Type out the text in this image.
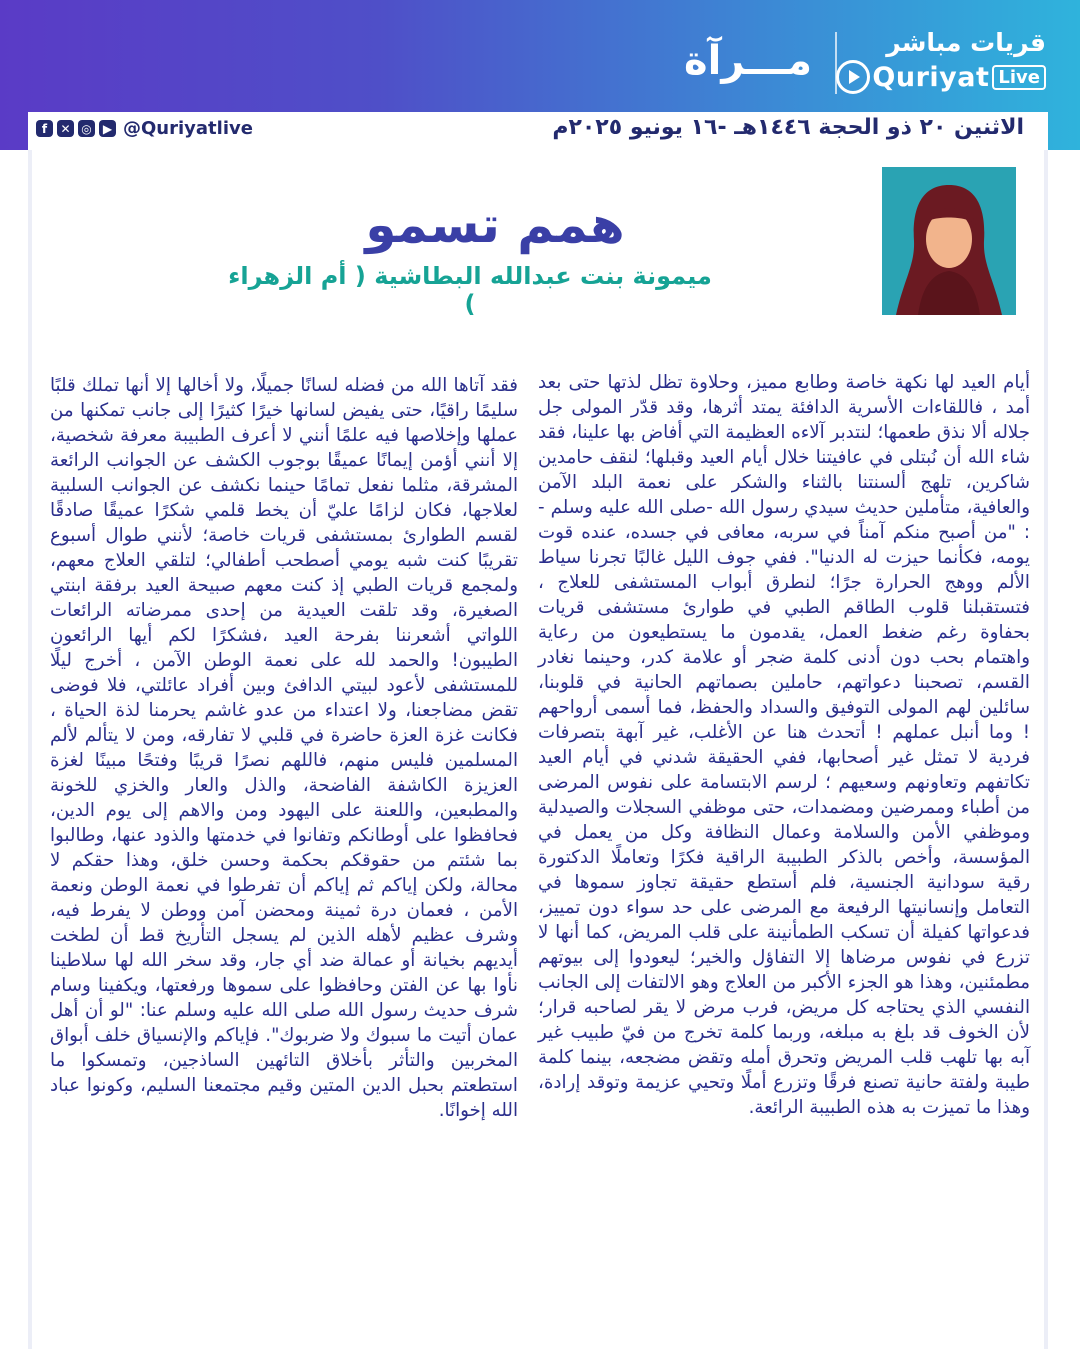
قريات مباشر
Quriyat Live
مـــرآة
الاثنين ٢٠ ذو الحجة ١٤٤٦هـ -١٦ يونيو ٢٠٢٥م
f	✕ ◎ ▶ @Quriyatlive
همم تسمو
ميمونة بنت عبدالله البطاشية ( أم الزهراء )
أيام العيد لها نكهة خاصة وطابع مميز، وحلاوة تظل لذتها حتى بعد أمد ، فاللقاءات الأسرية الدافئة يمتد أثرها، وقد قدّر المولى جل جلاله ألا نذق طعمها؛ لنتدبر آلاءه العظيمة التي أفاض بها علينا، فقد شاء الله أن نُبتلى في عافيتنا خلال أيام العيد وقبلها؛ لنقف حامدين شاكرين، تلهج ألسنتنا بالثناء والشكر على نعمة البلد الآمن والعافية، متأملين حديث سيدي رسول الله -صلى الله عليه وسلم - : "من أصبح منكم آمناً في سربه، معافى في جسده، عنده قوت يومه، فكأنما حيزت له الدنيا". ففي جوف الليل غالبًا تجرنا سياط الألم ووهج الحرارة جرًا؛ لنطرق أبواب المستشفى للعلاج ، فتستقبلنا قلوب الطاقم الطبي في طوارئ مستشفى قريات بحفاوة رغم ضغط العمل، يقدمون ما يستطيعون من رعاية واهتمام بحب دون أدنى كلمة ضجر أو علامة كدر، وحينما نغادر القسم، تصحبنا دعواتهم، حاملين بصماتهم الحانية في قلوبنا، سائلين لهم المولى التوفيق والسداد والحفظ، فما أسمى أرواحهم ! وما أنبل عملهم ! أتحدث هنا عن الأغلب، غير آبهة بتصرفات فردية لا تمثل غير أصحابها، ففي الحقيقة شدني في أيام العيد تكاتفهم وتعاونهم وسعيهم ؛ لرسم الابتسامة على نفوس المرضى من أطباء وممرضين ومضمدات، حتى موظفي السجلات والصيدلية وموظفي الأمن والسلامة وعمال النظافة وكل من يعمل في المؤسسة، وأخص بالذكر الطبيبة الراقية فكرًا وتعاملًا الدكتورة رقية سودانية الجنسية، فلم أستطع حقيقة تجاوز سموها في التعامل وإنسانيتها الرفيعة مع المرضى على حد سواء دون تمييز، فدعواتها كفيلة أن تسكب الطمأنينة على قلب المريض، كما أنها لا تزرع في نفوس مرضاها إلا التفاؤل والخير؛ ليعودوا إلى بيوتهم مطمئنين، وهذا هو الجزء الأكبر من العلاج وهو الالتفات إلى الجانب النفسي الذي يحتاجه كل مريض، فرب مرض لا يقر لصاحبه قرار؛ لأن الخوف قد بلغ به مبلغه، وربما كلمة تخرج من فيّ طبيب غير آبه بها تلهب قلب المريض وتحرق أمله وتقض مضجعه، بينما كلمة طيبة ولفتة حانية تصنع فرقًا وتزرع أملًا وتحيي عزيمة وتوقد إرادة، وهذا ما تميزت به هذه الطبيبة الرائعة.
فقد آتاها الله من فضله لسانًا جميلًا، ولا أخالها إلا أنها تملك قلبًا سليمًا راقيًا، حتى يفيض لسانها خيرًا كثيرًا إلى جانب تمكنها من عملها وإخلاصها فيه علمًا أنني لا أعرف الطبيبة معرفة شخصية، إلا أنني أؤمن إيمانًا عميقًا بوجوب الكشف عن الجوانب الرائعة المشرقة، مثلما نفعل تمامًا حينما نكشف عن الجوانب السلبية لعلاجها، فكان لزامًا عليّ أن يخط قلمي شكرًا عميقًا صادقًا لقسم الطوارئ بمستشفى قريات خاصة؛ لأنني طوال أسبوع تقريبًا كنت شبه يومي أصطحب أطفالي؛ لتلقي العلاج معهم، ولمجمع قريات الطبي إذ كنت معهم صبيحة العيد برفقة ابنتي الصغيرة، وقد تلقت العيدية من إحدى ممرضاته الرائعات اللواتي أشعرننا بفرحة العيد ،فشكرًا لكم أيها الرائعون الطيبون! والحمد لله على نعمة الوطن الآمن ، أخرج ليلًا للمستشفى لأعود لبيتي الدافئ وبين أفراد عائلتي، فلا فوضى تقض مضاجعنا، ولا اعتداء من عدو غاشم يحرمنا لذة الحياة ، فكانت غزة العزة حاضرة في قلبي لا تفارقه، ومن لا يتألم لألم المسلمين فليس منهم، فاللهم نصرًا قريبًا وفتحًا مبينًا لغزة العزيزة الكاشفة الفاضحة، والذل والعار والخزي للخونة والمطبعين، واللعنة على اليهود ومن والاهم إلى يوم الدين، فحافظوا على أوطانكم وتفانوا في خدمتها والذود عنها، وطالبوا بما شئتم من حقوقكم بحكمة وحسن خلق، وهذا حقكم لا محالة، ولكن إياكم ثم إياكم أن تفرطوا في نعمة الوطن ونعمة الأمن ، فعمان درة ثمينة ومحضن آمن ووطن لا يفرط فيه، وشرف عظيم لأهله الذين لم يسجل التأريخ قط أن لطخت أيديهم بخيانة أو عمالة ضد أي جار، وقد سخر الله لها سلاطينا نأوا بها عن الفتن وحافظوا على سموها ورفعتها، ويكفينا وسام شرف حديث رسول الله صلى الله عليه وسلم عنا: "لو أن أهل عمان أتيت ما سبوك ولا ضربوك". فإياكم والإنسياق خلف أبواق المخربين والتأثر بأخلاق التائهين الساذجين، وتمسكوا ما استطعتم بحبل الدين المتين وقيم مجتمعنا السليم، وكونوا عباد الله إخوانًا.
